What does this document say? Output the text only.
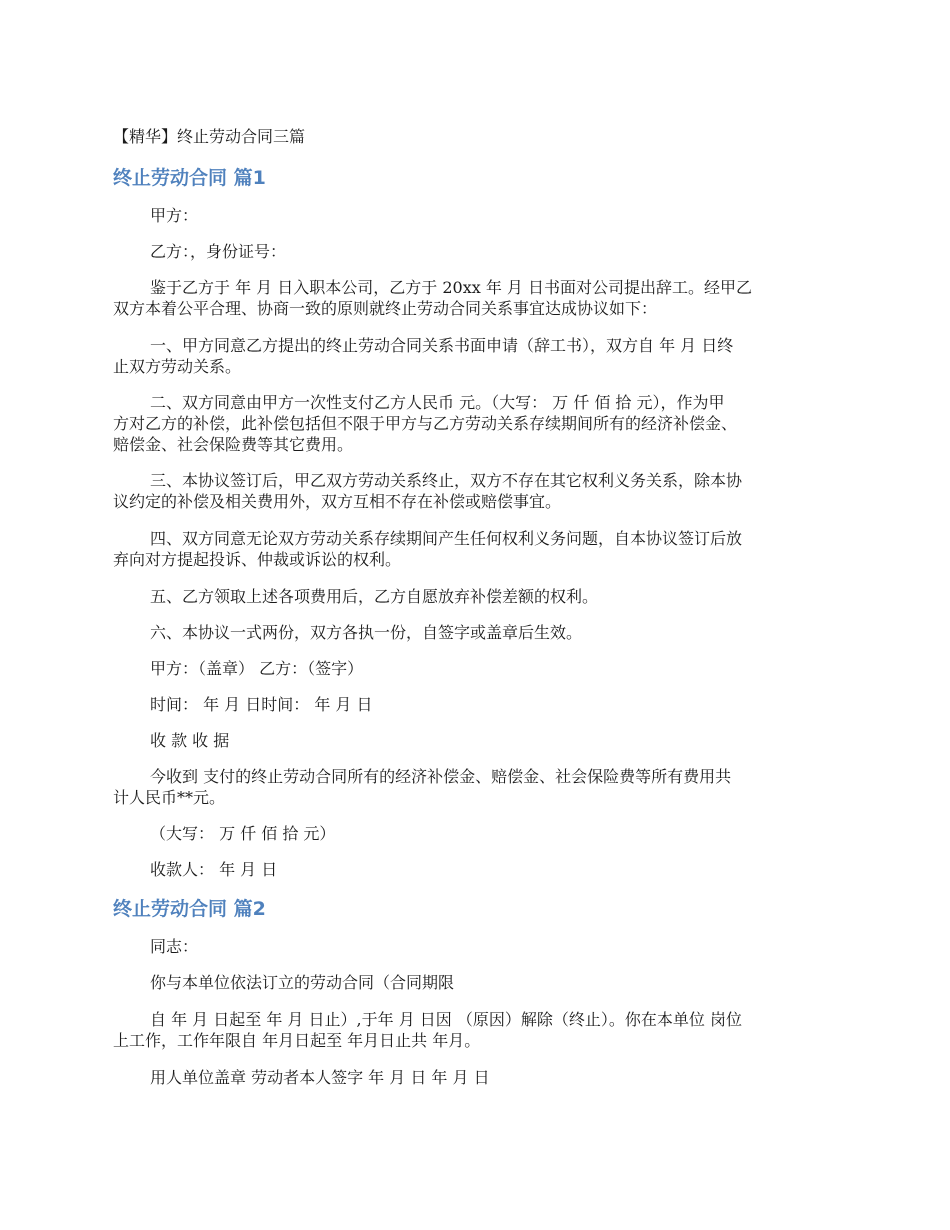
【精华】终止劳动合同三篇
终止劳动合同 篇1
甲方：
乙方：，身份证号：
鉴于乙方于 年 月 日入职本公司，乙方于 20xx 年 月 日书面对公司提出辞工。经甲乙
双方本着公平合理、协商一致的原则就终止劳动合同关系事宜达成协议如下：
一、甲方同意乙方提出的终止劳动合同关系书面申请（辞工书），双方自 年 月 日终
止双方劳动关系。
二、双方同意由甲方一次性支付乙方人民币 元。（大写： 万 仟 佰 拾 元），作为甲
方对乙方的补偿，此补偿包括但不限于甲方与乙方劳动关系存续期间所有的经济补偿金、
赔偿金、社会保险费等其它费用。
三、本协议签订后，甲乙双方劳动关系终止，双方不存在其它权利义务关系，除本协
议约定的补偿及相关费用外，双方互相不存在补偿或赔偿事宜。
四、双方同意无论双方劳动关系存续期间产生任何权利义务问题，自本协议签订后放
弃向对方提起投诉、仲裁或诉讼的权利。
五、乙方领取上述各项费用后，乙方自愿放弃补偿差额的权利。
六、本协议一式两份，双方各执一份，自签字或盖章后生效。
甲方：（盖章） 乙方：（签字）
时间： 年 月 日时间： 年 月 日
收 款 收 据
今收到 支付的终止劳动合同所有的经济补偿金、赔偿金、社会保险费等所有费用共
计人民币**元。
（大写： 万 仟 佰 拾 元）
收款人： 年 月 日
终止劳动合同 篇2
同志：
你与本单位依法订立的劳动合同（合同期限
自 年 月 日起至 年 月 日止）,于年 月 日因 （原因）解除（终止）。你在本单位 岗位
上工作，工作年限自 年月日起至 年月日止共 年月。
用人单位盖章 劳动者本人签字 年 月 日 年 月 日
